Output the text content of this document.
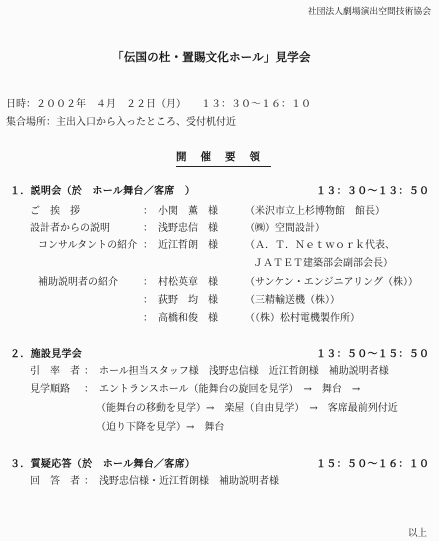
社団法人劇場演出空間技術協会
「伝国の杜・置賜文化ホール」見学会
日時：２００２年　４月　２２日（月）　　１３：３０～１６：１０
集合場所：主出入口から入ったところ、受付机付近
開催要領
１．説明会（於　ホール舞台／客席　）	１３：３０～１３：５０
ご　挨　拶	：　小関　薫　様	（米沢市立上杉博物館　館長）
設計者からの説明	：　浅野忠信　様	（㈱）空間設計）
コンサルタントの紹介 ：　近江哲朗　様	（Ａ．Ｔ．Ｎｅｔｗｏｒｋ代表、
ＪＡＴＥＴ建築部会副部会長）
補助説明者の紹介	：　村松英章　様	（サンケン・エンジニアリング（株））
：　荻野　均　様	（三精輸送機（株））
：　高橋和俊　様	（（株）松村電機製作所）
２．施設見学会	１３：５０～１５：５０
引　率　者 ：　ホール担当スタッフ様　浅野忠信様　近江哲朗様　補助説明者様
見学順路 ：　エントランスホール（能舞台の旋回を見学）　→　舞台　→
（能舞台の移動を見学）→　楽屋（自由見学）　→　客席最前列付近
（迫り下降を見学）→　舞台
３．質疑応答（於　ホール舞台／客席）	１５：５０～１６：１０
回　答　者 ：　浅野忠信様・近江哲朗様　補助説明者様
以上
